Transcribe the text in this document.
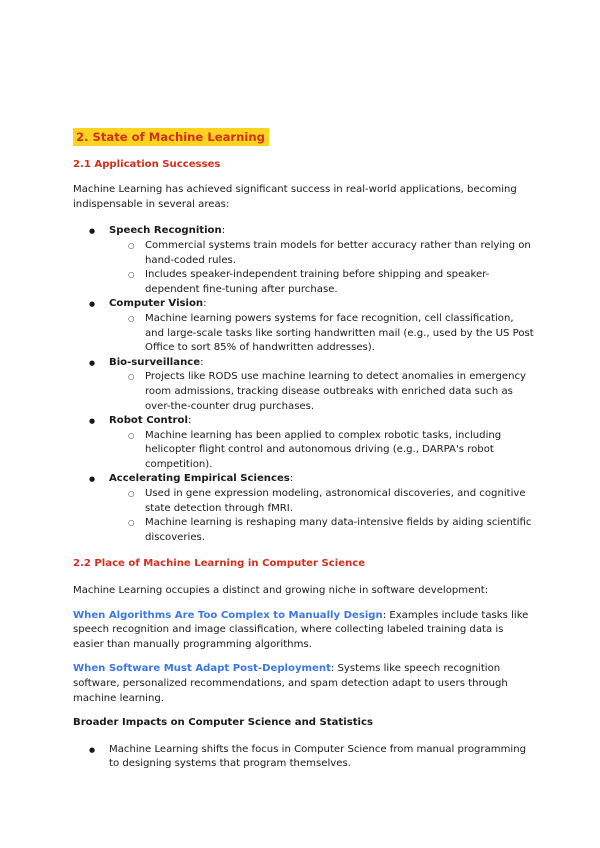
2. State of Machine Learning

2.1 Application Successes

Machine Learning has achieved significant success in real-world applications, becoming indispensable in several areas:

● Speech Recognition:
○ Commercial systems train models for better accuracy rather than relying on hand-coded rules.
○ Includes speaker-independent training before shipping and speaker-dependent fine-tuning after purchase.
● Computer Vision:
○ Machine learning powers systems for face recognition, cell classification, and large-scale tasks like sorting handwritten mail (e.g., used by the US Post Office to sort 85% of handwritten addresses).
● Bio-surveillance:
○ Projects like RODS use machine learning to detect anomalies in emergency room admissions, tracking disease outbreaks with enriched data such as over-the-counter drug purchases.
● Robot Control:
○ Machine learning has been applied to complex robotic tasks, including helicopter flight control and autonomous driving (e.g., DARPA's robot competition).
● Accelerating Empirical Sciences:
○ Used in gene expression modeling, astronomical discoveries, and cognitive state detection through fMRI.
○ Machine learning is reshaping many data-intensive fields by aiding scientific discoveries.

2.2 Place of Machine Learning in Computer Science

Machine Learning occupies a distinct and growing niche in software development:

When Algorithms Are Too Complex to Manually Design: Examples include tasks like speech recognition and image classification, where collecting labeled training data is easier than manually programming algorithms.

When Software Must Adapt Post-Deployment: Systems like speech recognition software, personalized recommendations, and spam detection adapt to users through machine learning.

Broader Impacts on Computer Science and Statistics

● Machine Learning shifts the focus in Computer Science from manual programming to designing systems that program themselves.
